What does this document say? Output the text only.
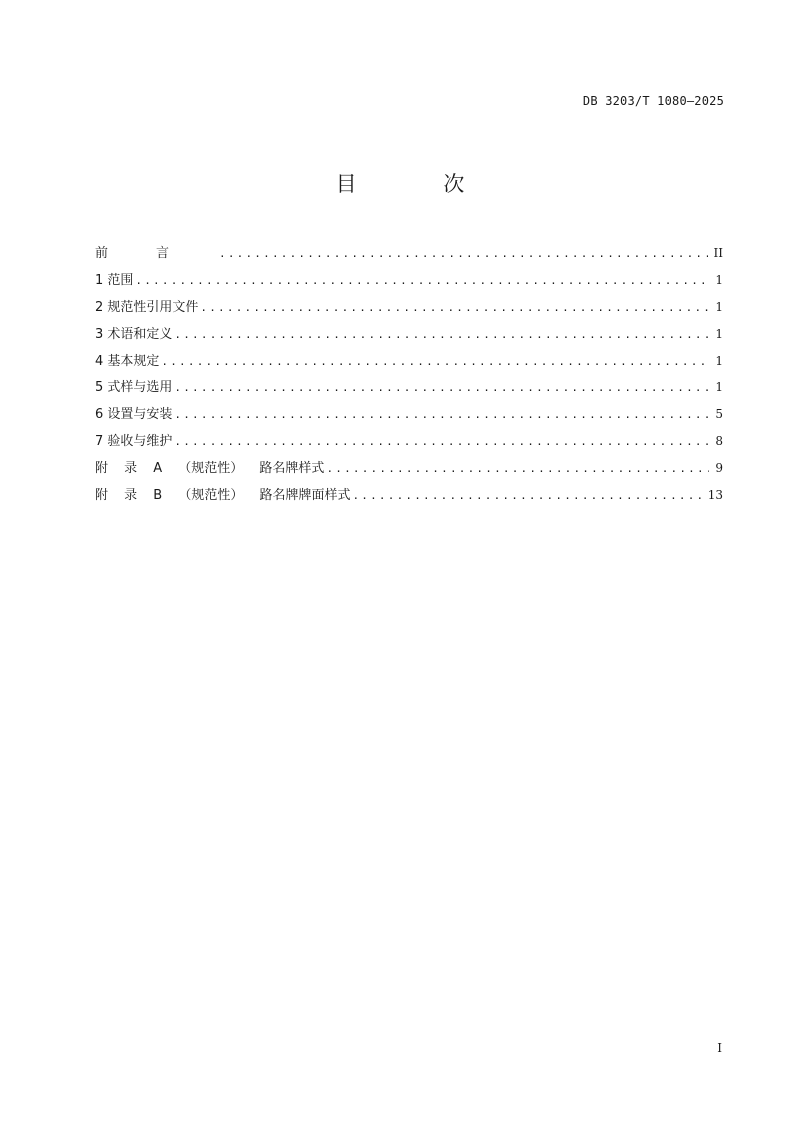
DB 3203/T 1080—2025
目 次
前言 .....	II
1 范围 .....	1
2 规范性引用文件 .....	1
3 术语和定义 .....	1
4 基本规定 .....	1
5 式样与选用 .....	1
6 设置与安装 .....	5
7 验收与维护 .....	8
附 录 A （规范性） 路名牌样式 .....	9
附 录 B （规范性） 路名牌牌面样式 .....	13
I
